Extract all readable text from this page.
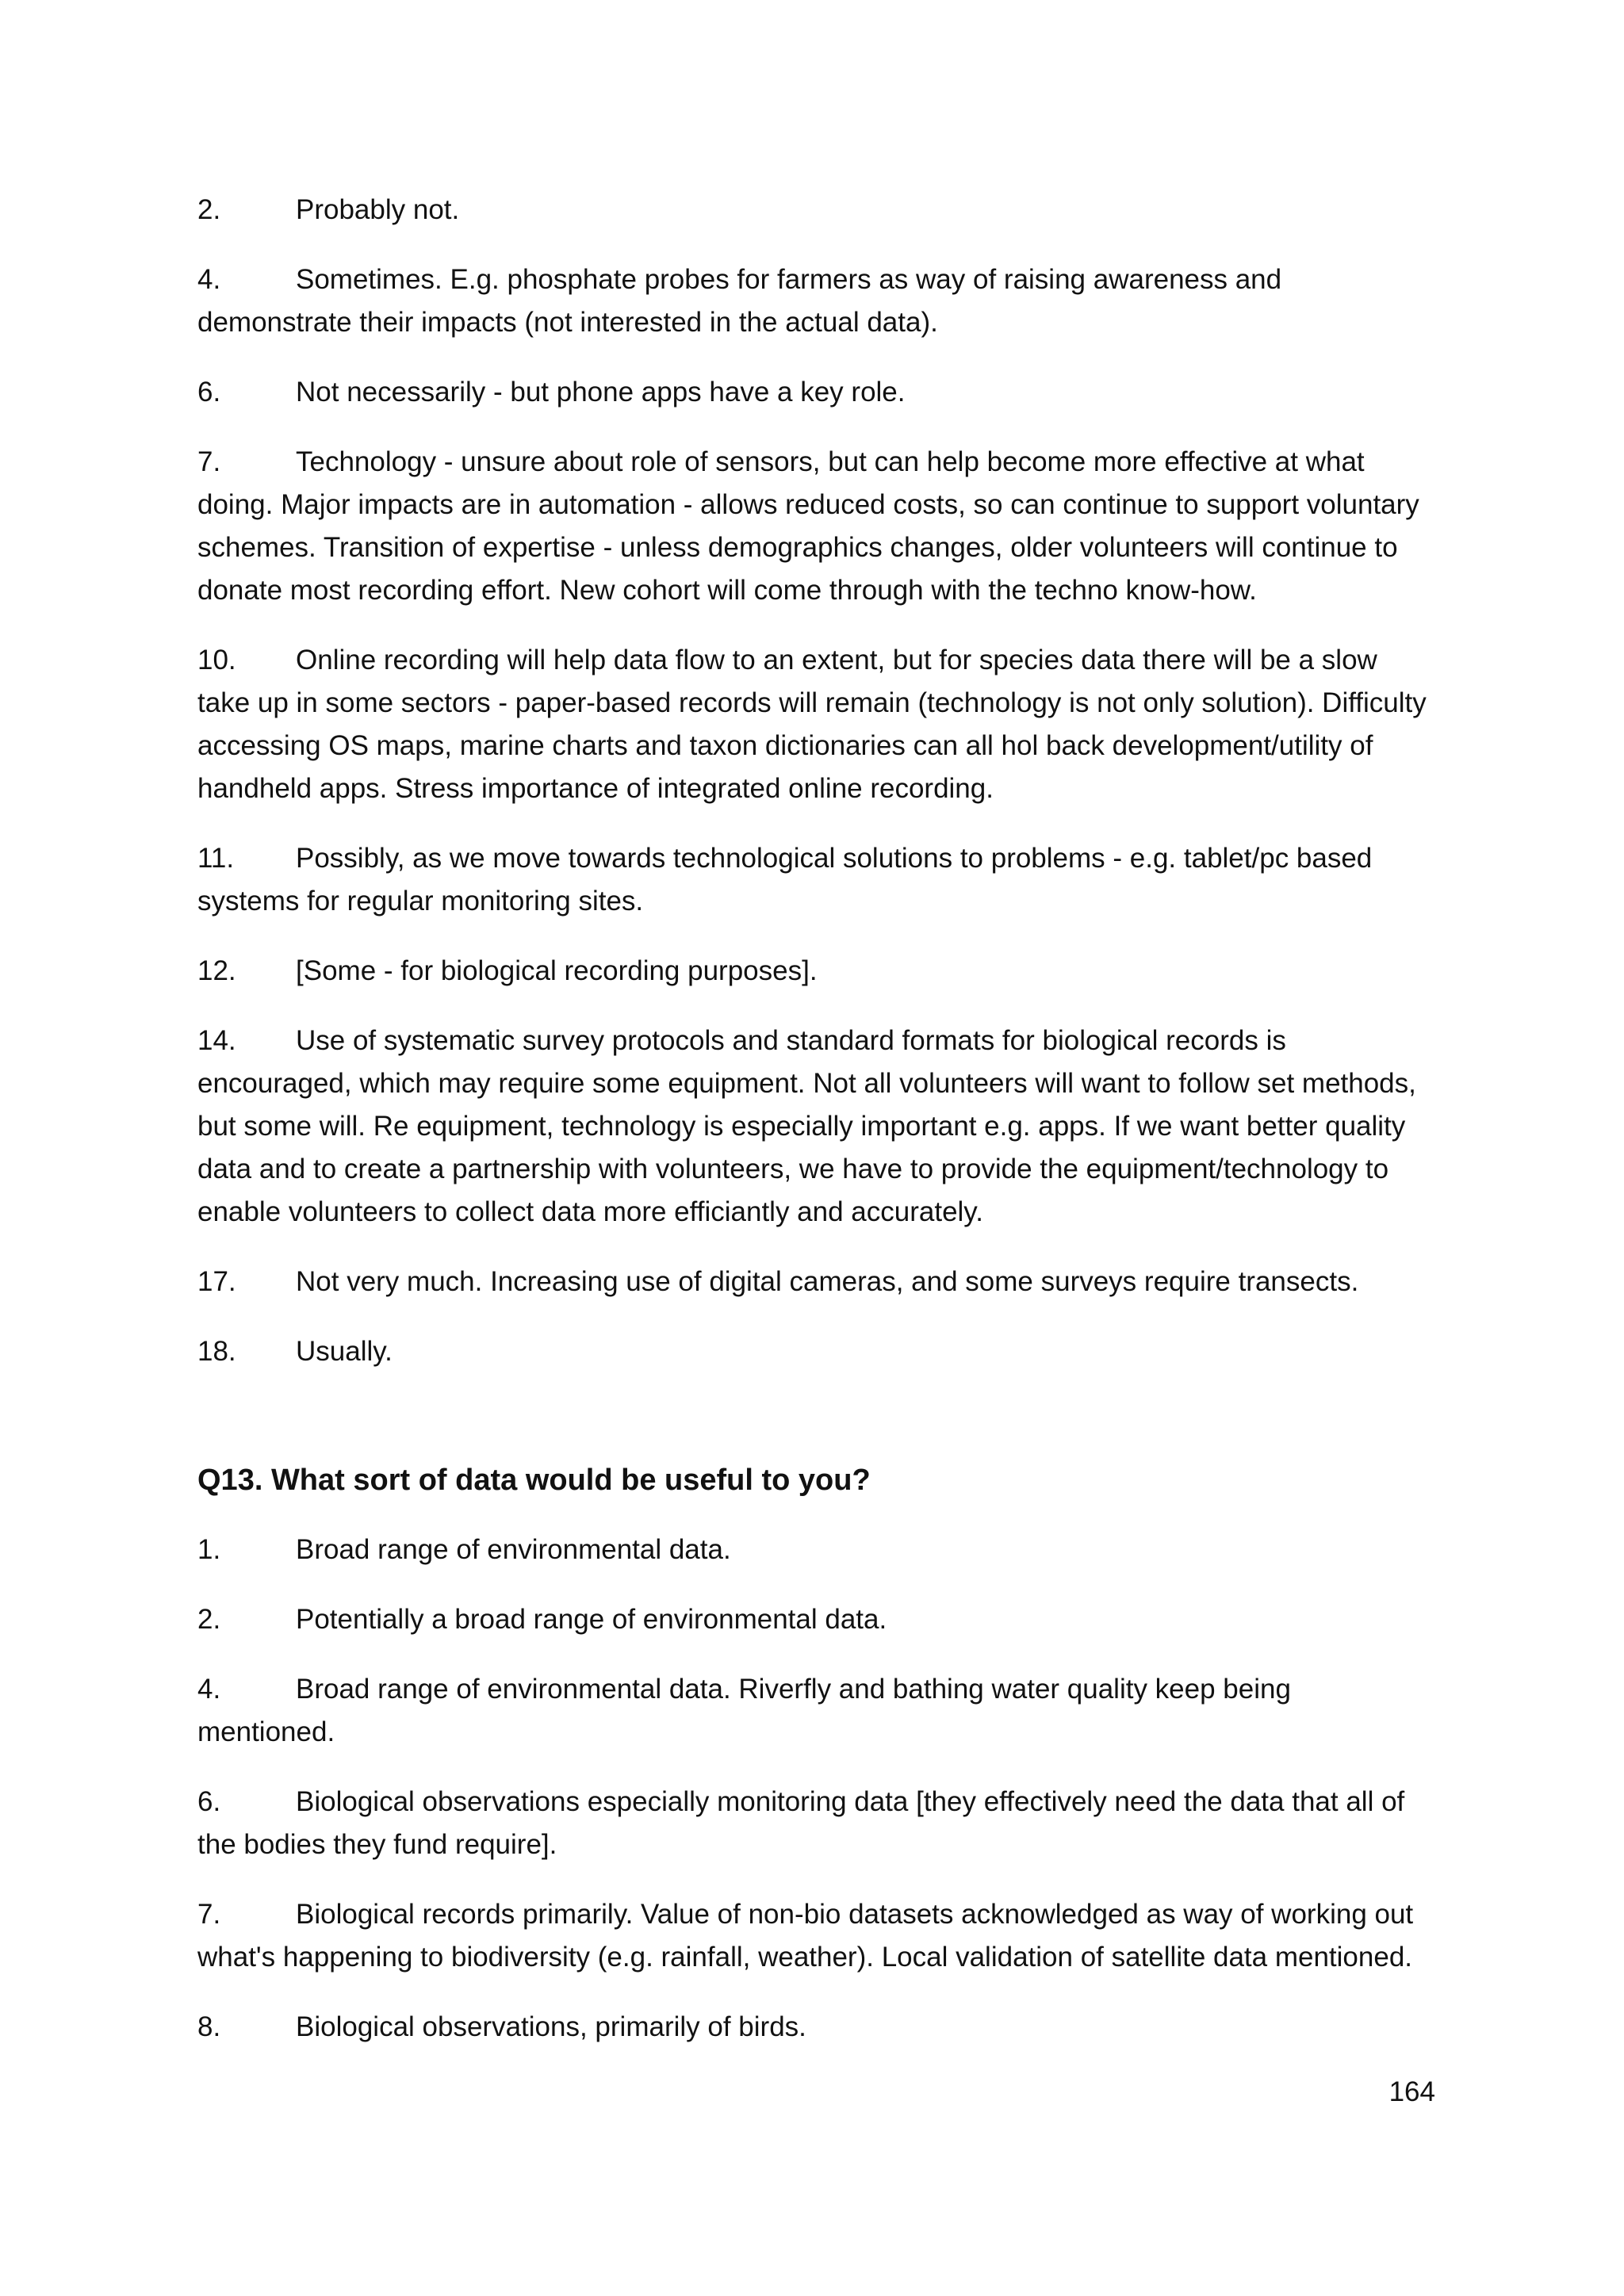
2.	Probably not.

4.	Sometimes. E.g. phosphate probes for farmers as way of raising awareness and demonstrate their impacts (not interested in the actual data).

6.	Not necessarily - but phone apps have a key role.

7.	Technology - unsure about role of sensors, but can help become more effective at what doing. Major impacts are in automation - allows reduced costs, so can continue to support voluntary schemes. Transition of expertise - unless demographics changes, older volunteers will continue to donate most recording effort. New cohort will come through with the techno know-how.

10. Online recording will help data flow to an extent, but for species data there will be a slow take up in some sectors - paper-based records will remain (technology is not only solution). Difficulty accessing OS maps, marine charts and taxon dictionaries can all hol back development/utility of handheld apps. Stress importance of integrated online recording.

11. Possibly, as we move towards technological solutions to problems - e.g. tablet/pc based systems for regular monitoring sites.

12. [Some - for biological recording purposes].

14. Use of systematic survey protocols and standard formats for biological records is encouraged, which may require some equipment. Not all volunteers will want to follow set methods, but some will. Re equipment, technology is especially important e.g. apps. If we want better quality data and to create a partnership with volunteers, we have to provide the equipment/technology to enable volunteers to collect data more efficiantly and accurately.

17. Not very much. Increasing use of digital cameras, and some surveys require transects.

18. Usually.

Q13. What sort of data would be useful to you?

1.	Broad range of environmental data.

2.	Potentially a broad range of environmental data.

4.	Broad range of environmental data. Riverfly and bathing water quality keep being mentioned.

6.	Biological observations especially monitoring data [they effectively need the data that all of the bodies they fund require].

7.	Biological records primarily. Value of non-bio datasets acknowledged as way of working out what's happening to biodiversity (e.g. rainfall, weather). Local validation of satellite data mentioned.

8.	Biological observations, primarily of birds.

164
